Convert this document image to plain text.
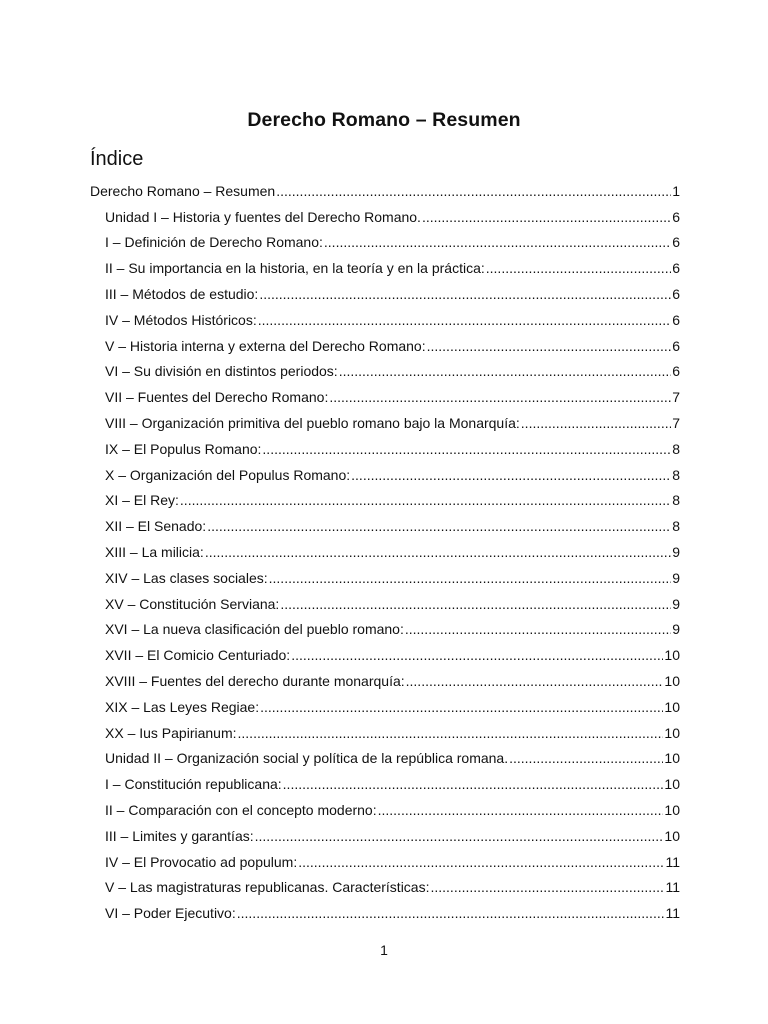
Derecho Romano – Resumen
Índice
Derecho Romano – Resumen .....	1
Unidad I – Historia y fuentes del Derecho Romano. .....	6
I – Definición de Derecho Romano: .....	6
II – Su importancia en la historia, en la teoría y en la práctica: .....	6
III – Métodos de estudio: .....	6
IV – Métodos Históricos: .....	6
V – Historia interna y externa del Derecho Romano: .....	6
VI – Su división en distintos periodos: .....	6
VII – Fuentes del Derecho Romano: .....	7
VIII – Organización primitiva del pueblo romano bajo la Monarquía: .....	7
IX – El Populus Romano: .....	8
X – Organización del Populus Romano: .....	8
XI – El Rey: .....	8
XII – El Senado: .....	8
XIII – La milicia: .....	9
XIV – Las clases sociales: .....	9
XV – Constitución Serviana: .....	9
XVI – La nueva clasificación del pueblo romano: .....	9
XVII – El Comicio Centuriado: .....	10
XVIII – Fuentes del derecho durante monarquía: .....	10
XIX – Las Leyes Regiae: .....	10
XX – Ius Papirianum: .....	10
Unidad II – Organización social y política de la república romana. .....	10
I – Constitución republicana: .....	10
II – Comparación con el concepto moderno: .....	10
III – Limites y garantías: .....	10
IV – El Provocatio ad populum: .....	11
V – Las magistraturas republicanas. Características: .....	11
VI – Poder Ejecutivo: .....	11
1
